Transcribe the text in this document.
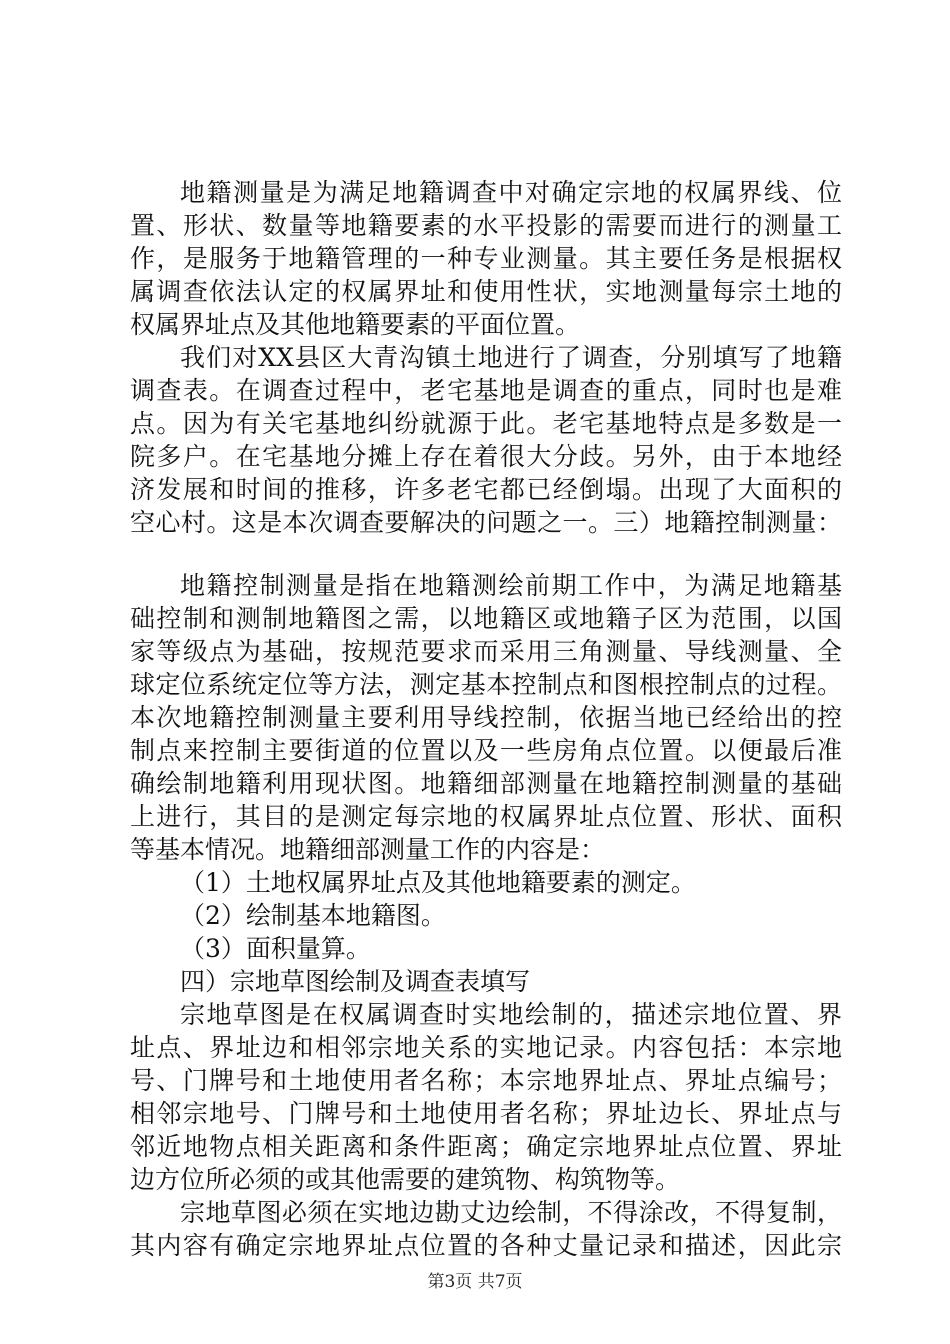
地籍测量是为满足地籍调查中对确定宗地的权属界线、位
置、形状、数量等地籍要素的水平投影的需要而进行的测量工
作，是服务于地籍管理的一种专业测量。其主要任务是根据权
属调查依法认定的权属界址和使用性状，实地测量每宗土地的
权属界址点及其他地籍要素的平面位置。
我们对XX县区大青沟镇土地进行了调查，分别填写了地籍
调查表。在调查过程中，老宅基地是调查的重点，同时也是难
点。因为有关宅基地纠纷就源于此。老宅基地特点是多数是一
院多户。在宅基地分摊上存在着很大分歧。另外，由于本地经
济发展和时间的推移，许多老宅都已经倒塌。出现了大面积的
空心村。这是本次调查要解决的问题之一。三）地籍控制测量：
地籍控制测量是指在地籍测绘前期工作中，为满足地籍基
础控制和测制地籍图之需，以地籍区或地籍子区为范围，以国
家等级点为基础，按规范要求而采用三角测量、导线测量、全
球定位系统定位等方法，测定基本控制点和图根控制点的过程。
本次地籍控制测量主要利用导线控制，依据当地已经给出的控
制点来控制主要街道的位置以及一些房角点位置。以便最后准
确绘制地籍利用现状图。地籍细部测量在地籍控制测量的基础
上进行，其目的是测定每宗地的权属界址点位置、形状、面积
等基本情况。地籍细部测量工作的内容是：
（1）土地权属界址点及其他地籍要素的测定。
（2）绘制基本地籍图。
（3）面积量算。
四）宗地草图绘制及调查表填写
宗地草图是在权属调查时实地绘制的，描述宗地位置、界
址点、界址边和相邻宗地关系的实地记录。内容包括：本宗地
号、门牌号和土地使用者名称；本宗地界址点、界址点编号；
相邻宗地号、门牌号和土地使用者名称；界址边长、界址点与
邻近地物点相关距离和条件距离；确定宗地界址点位置、界址
边方位所必须的或其他需要的建筑物、构筑物等。
宗地草图必须在实地边勘丈边绘制，不得涂改，不得复制，
其内容有确定宗地界址点位置的各种丈量记录和描述，因此宗
第3页 共7页
